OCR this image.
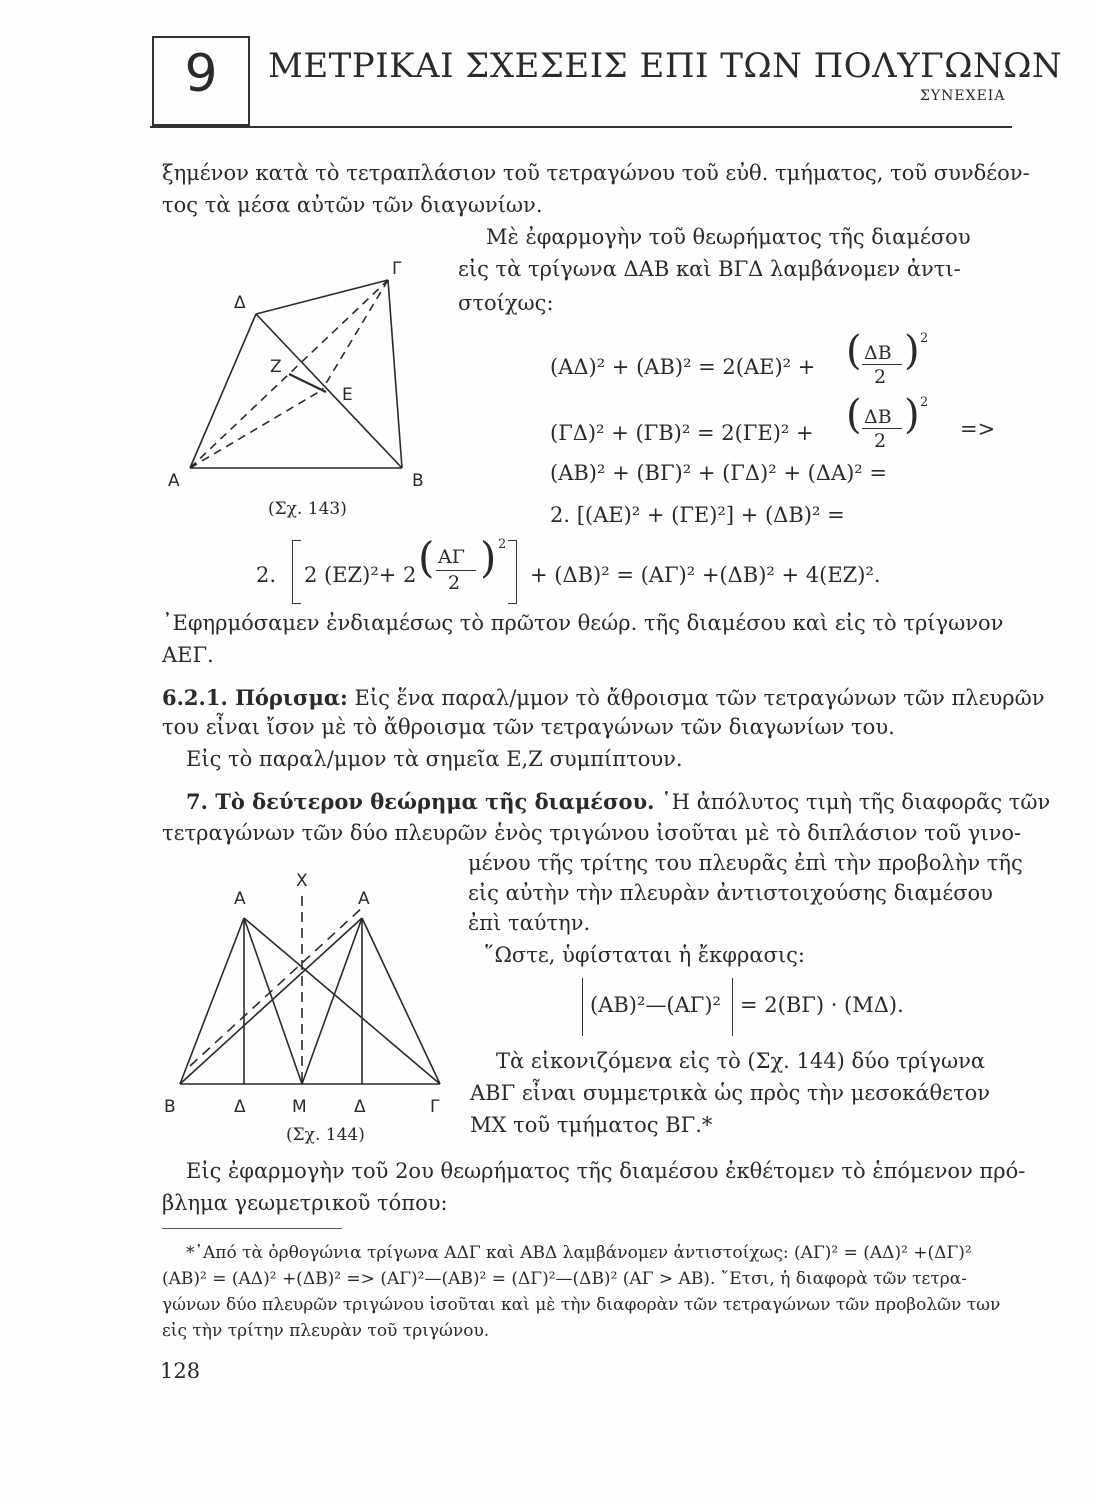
9	ΜΕΤΡΙΚΑΙ ΣΧΕΣΕΙΣ ΕΠΙ ΤΩΝ ΠΟΛΥΓΩΝΩΝ
ΣΥΝΕΧΕΙΑ
ξημένον κατὰ τὸ τετραπλάσιον τοῦ τετραγώνου τοῦ εὐθ. τμήματος, τοῦ συνδέον-
τος τὰ μέσα αὐτῶν τῶν διαγωνίων.
Μὲ ἐφαρμογὴν τοῦ θεωρήματος τῆς διαμέσου
εἰς τὰ τρίγωνα ΔΑΒ καὶ ΒΓΔ λαμβάνομεν ἀντι-
στοίχως:
(ΑΔ)² + (ΑΒ)² = 2(ΑΕ)² + ( ΔΒ
2
) 2
(ΓΔ)² + (ΓΒ)² = 2(ΓΕ)² + ( ΔΒ
2
) 2
=>
(ΑΒ)² + (ΒΓ)² + (ΓΔ)² + (ΔΑ)² =
2. [(ΑΕ)² + (ΓΕ)²] + (ΔΒ)² =
2. 2 (ΕΖ)²+ 2 ( ΑΓ
2
) 2
+ (ΔΒ)² = (ΑΓ)² +(ΔΒ)² + 4(ΕΖ)².
᾽Εφηρμόσαμεν ἐνδιαμέσως τὸ πρῶτον θεώρ. τῆς διαμέσου καὶ εἰς τὸ τρίγωνον
ΑΕΓ.
6.2.1. Πόρισμα: Εἰς ἕνα παραλ/μμον τὸ ἄθροισμα τῶν τετραγώνων τῶν πλευρῶν
του εἶναι ἴσον μὲ τὸ ἄθροισμα τῶν τετραγώνων τῶν διαγωνίων του.
Εἰς τὸ παραλ/μμον τὰ σημεῖα Ε,Ζ συμπίπτουν.
7. Τὸ δεύτερον θεώρημα τῆς διαμέσου. ῾Η ἀπόλυτος τιμὴ τῆς διαφορᾶς τῶν
τετραγώνων τῶν δύο πλευρῶν ἑνὸς τριγώνου ἰσοῦται μὲ τὸ διπλάσιον τοῦ γινο-
μένου τῆς τρίτης του πλευρᾶς ἐπὶ τὴν προβολὴν τῆς
εἰς αὐτὴν τὴν πλευρὰν ἀντιστοιχούσης διαμέσου
ἐπὶ ταύτην.
῞Ωστε, ὑφίσταται ἡ ἔκφρασις:
(ΑΒ)²—(ΑΓ)² = 2(ΒΓ) · (ΜΔ).
Τὰ εἰκονιζόμενα εἰς τὸ (Σχ. 144) δύο τρίγωνα
ΑΒΓ εἶναι συμμετρικὰ ὡς πρὸς τὴν μεσοκάθετον
ΜΧ τοῦ τμήματος ΒΓ.*
Εἰς ἐφαρμογὴν τοῦ 2ου θεωρήματος τῆς διαμέσου ἐκθέτομεν τὸ ἑπόμενον πρό-
βλημα γεωμετρικοῦ τόπου:
*᾽Από τὰ ὀρθογώνια τρίγωνα ΑΔΓ καὶ ΑΒΔ λαμβάνομεν ἀντιστοίχως: (ΑΓ)² = (ΑΔ)² +(ΔΓ)²
(ΑΒ)² = (ΑΔ)² +(ΔΒ)² => (ΑΓ)²—(ΑΒ)² = (ΔΓ)²—(ΔΒ)² (ΑΓ > ΑΒ). ῎Ετσι, ἡ διαφορὰ τῶν τετρα-
γώνων δύο πλευρῶν τριγώνου ἰσοῦται καὶ μὲ τὴν διαφορὰν τῶν τετραγώνων τῶν προβολῶν των
εἰς τὴν τρίτην πλευρὰν τοῦ τριγώνου.
128
Α	Β
Γ
Δ
Ζ
Ε
(Σχ. 143)
Α	Α
Χ
Β	Δ	Μ	Δ	Γ
(Σχ. 144)
